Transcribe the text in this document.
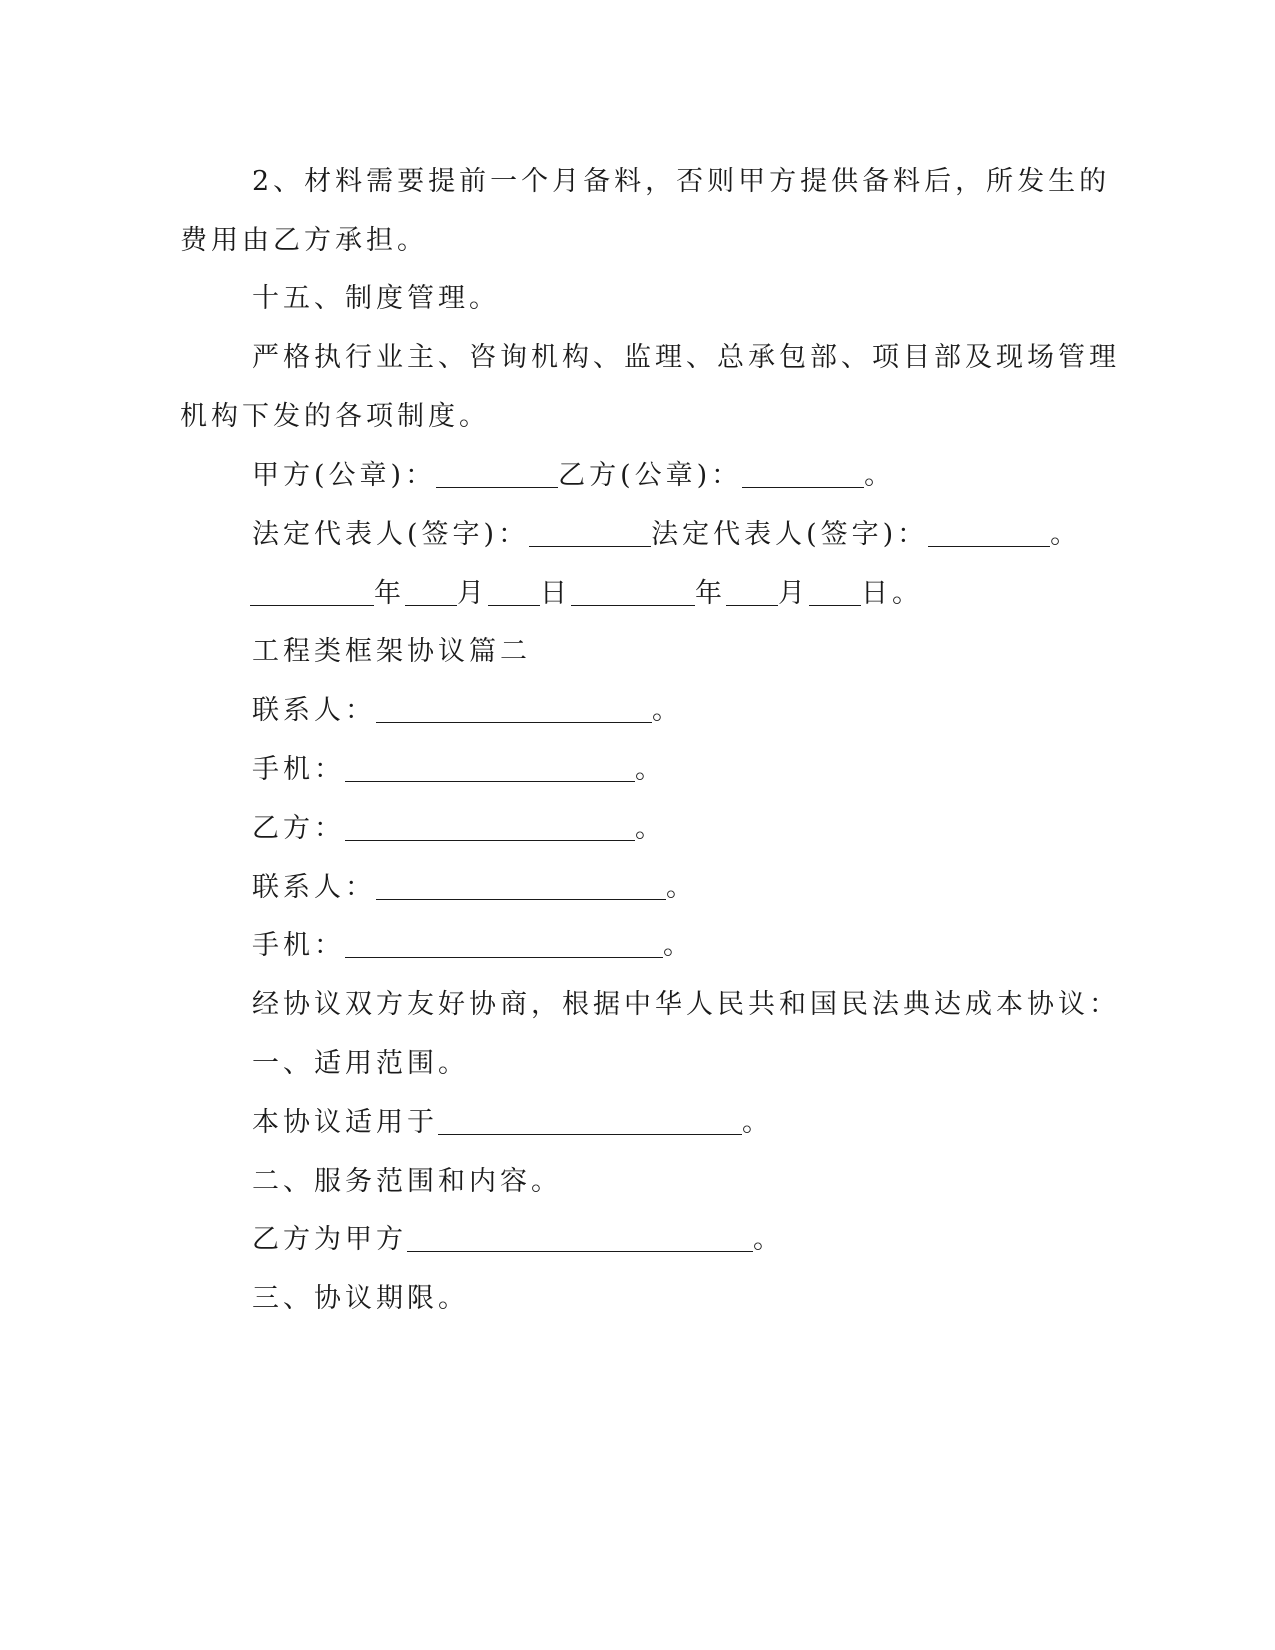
2、材料需要提前一个月备料，否则甲方提供备料后，所发生的
费用由乙方承担。
十五、制度管理。
严格执行业主、咨询机构、监理、总承包部、项目部及现场管理
机构下发的各项制度。
甲方(公章)：	乙方(公章)：	。
法定代表人(签字)：	法定代表人(签字)：	。
年 月 日	年 月 日。
工程类框架协议篇二
联系人：	。
手机：	。
乙方：	。
联系人：	。
手机：	。
经协议双方友好协商，根据中华人民共和国民法典达成本协议：
一、适用范围。
本协议适用于	。
二、服务范围和内容。
乙方为甲方	。
三、协议期限。
